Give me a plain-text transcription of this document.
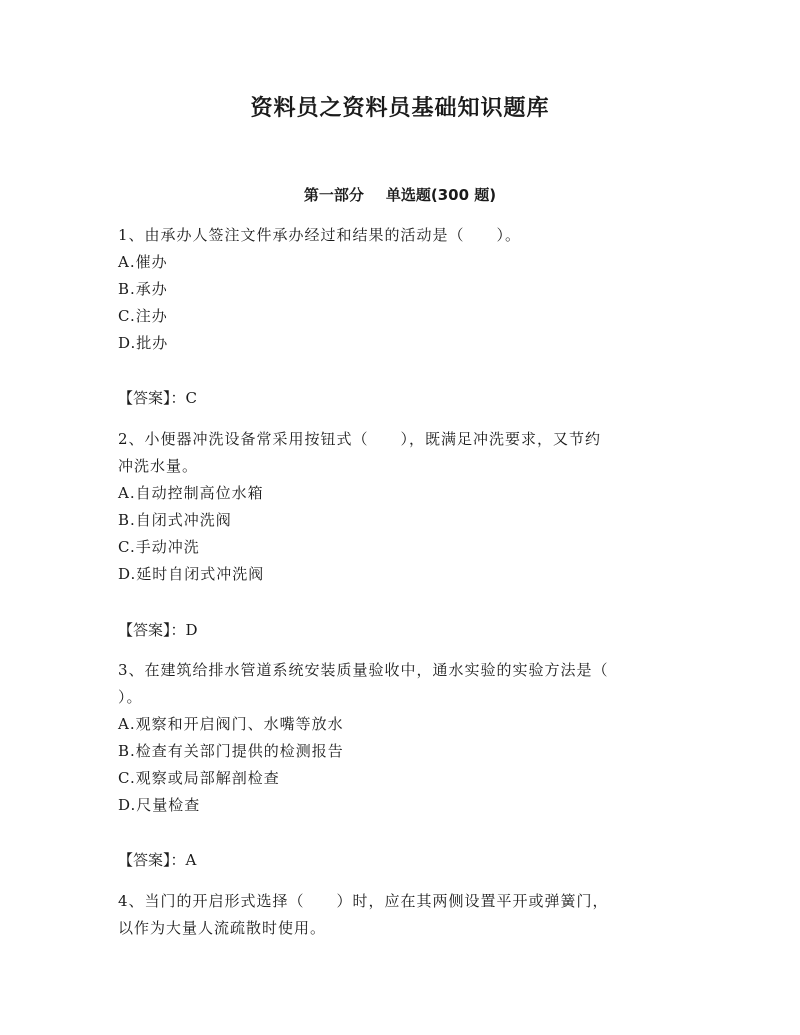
资料员之资料员基础知识题库
第一部分 单选题(300 题)
1、由承办人签注文件承办经过和结果的活动是（　　）。
A.催办
B.承办
C.注办
D.批办
【答案】：C
2、小便器冲洗设备常采用按钮式（　　），既满足冲洗要求，又节约
冲洗水量。
A.自动控制高位水箱
B.自闭式冲洗阀
C.手动冲洗
D.延时自闭式冲洗阀
【答案】：D
3、在建筑给排水管道系统安装质量验收中，通水实验的实验方法是（
）。
A.观察和开启阀门、水嘴等放水
B.检查有关部门提供的检测报告
C.观察或局部解剖检查
D.尺量检查
【答案】：A
4、当门的开启形式选择（　　）时，应在其两侧设置平开或弹簧门，
以作为大量人流疏散时使用。
